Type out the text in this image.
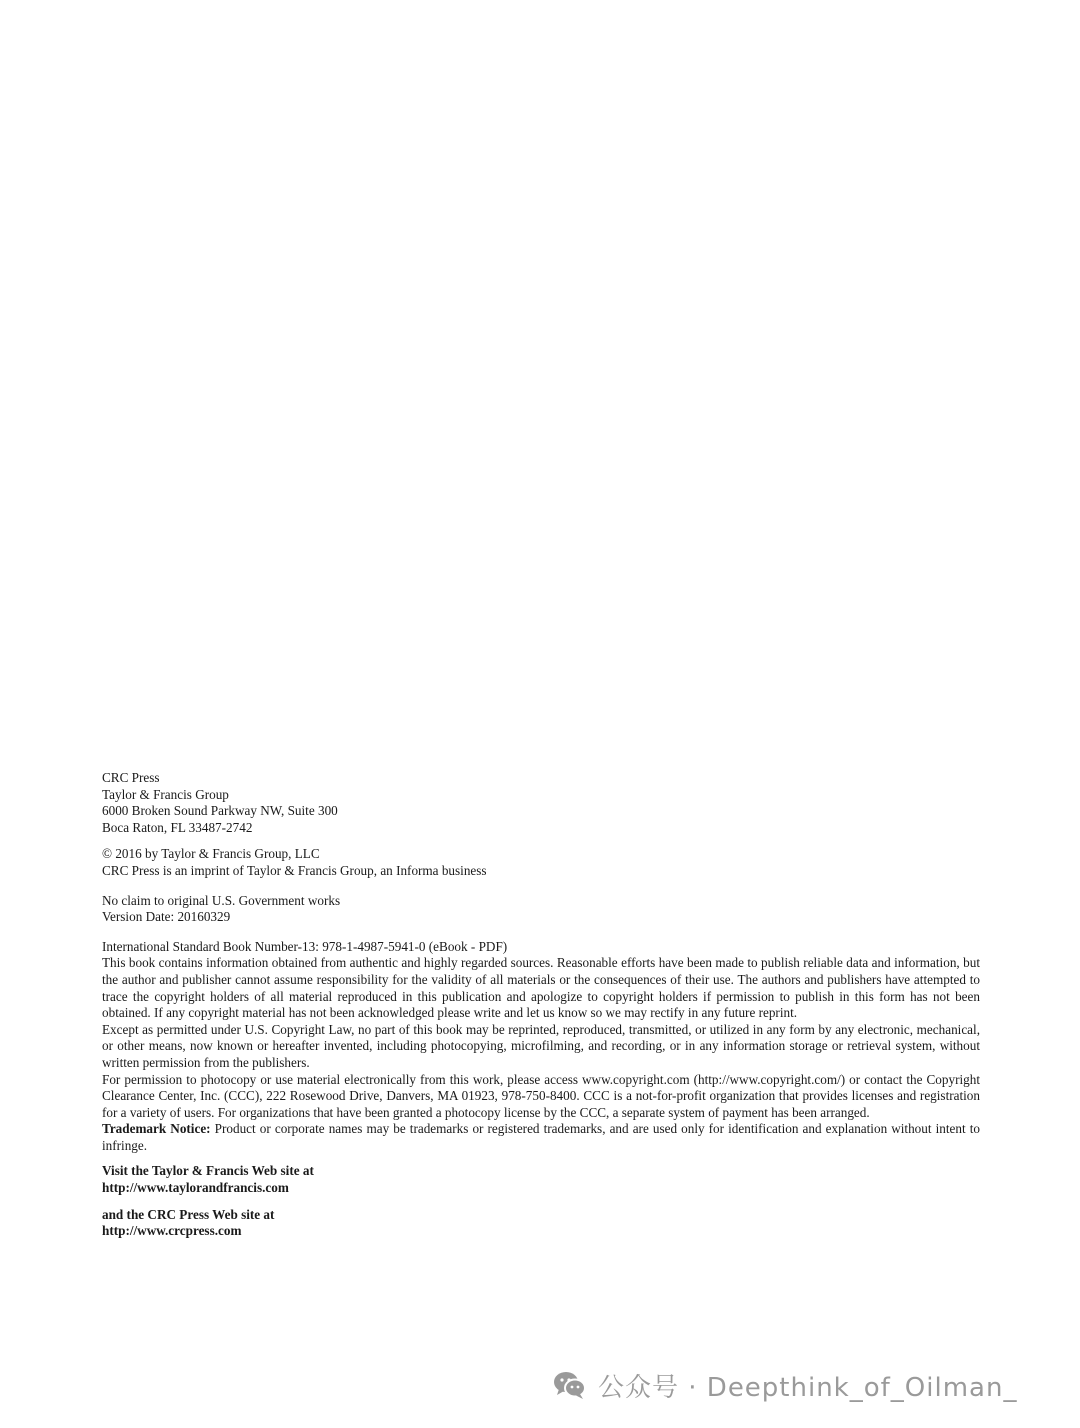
CRC Press
Taylor & Francis Group
6000 Broken Sound Parkway NW, Suite 300
Boca Raton, FL 33487-2742
© 2016 by Taylor & Francis Group, LLC
CRC Press is an imprint of Taylor & Francis Group, an Informa business
No claim to original U.S. Government works
Version Date: 20160329
International Standard Book Number-13: 978-1-4987-5941-0 (eBook - PDF)

This book contains information obtained from authentic and highly regarded sources. Reasonable efforts have been made to publish reliable data and information, but the author and publisher cannot assume responsibility for the validity of all materials or the consequences of their use. The authors and publishers have attempted to trace the copyright holders of all material reproduced in this publication and apologize to copyright holders if permission to publish in this form has not been obtained. If any copyright material has not been acknowledged please write and let us know so we may rectify in any future reprint.

Except as permitted under U.S. Copyright Law, no part of this book may be reprinted, reproduced, transmitted, or utilized in any form by any electronic, mechanical, or other means, now known or hereafter invented, including photocopying, microfilming, and recording, or in any information storage or retrieval system, without written permission from the publishers.

For permission to photocopy or use material electronically from this work, please access www.copyright.com (http://www.copyright.com/) or contact the Copyright Clearance Center, Inc. (CCC), 222 Rosewood Drive, Danvers, MA 01923, 978-750-8400. CCC is a not-for-profit organization that provides licenses and registration for a variety of users. For organizations that have been granted a photocopy license by the CCC, a separate system of payment has been arranged.

Trademark Notice: Product or corporate names may be trademarks or registered trademarks, and are used only for identification and explanation without intent to infringe.

Visit the Taylor & Francis Web site at
http://www.taylorandfrancis.com
and the CRC Press Web site at
http://www.crcpress.com
公众号 · Deepthink_of_Oilman_
